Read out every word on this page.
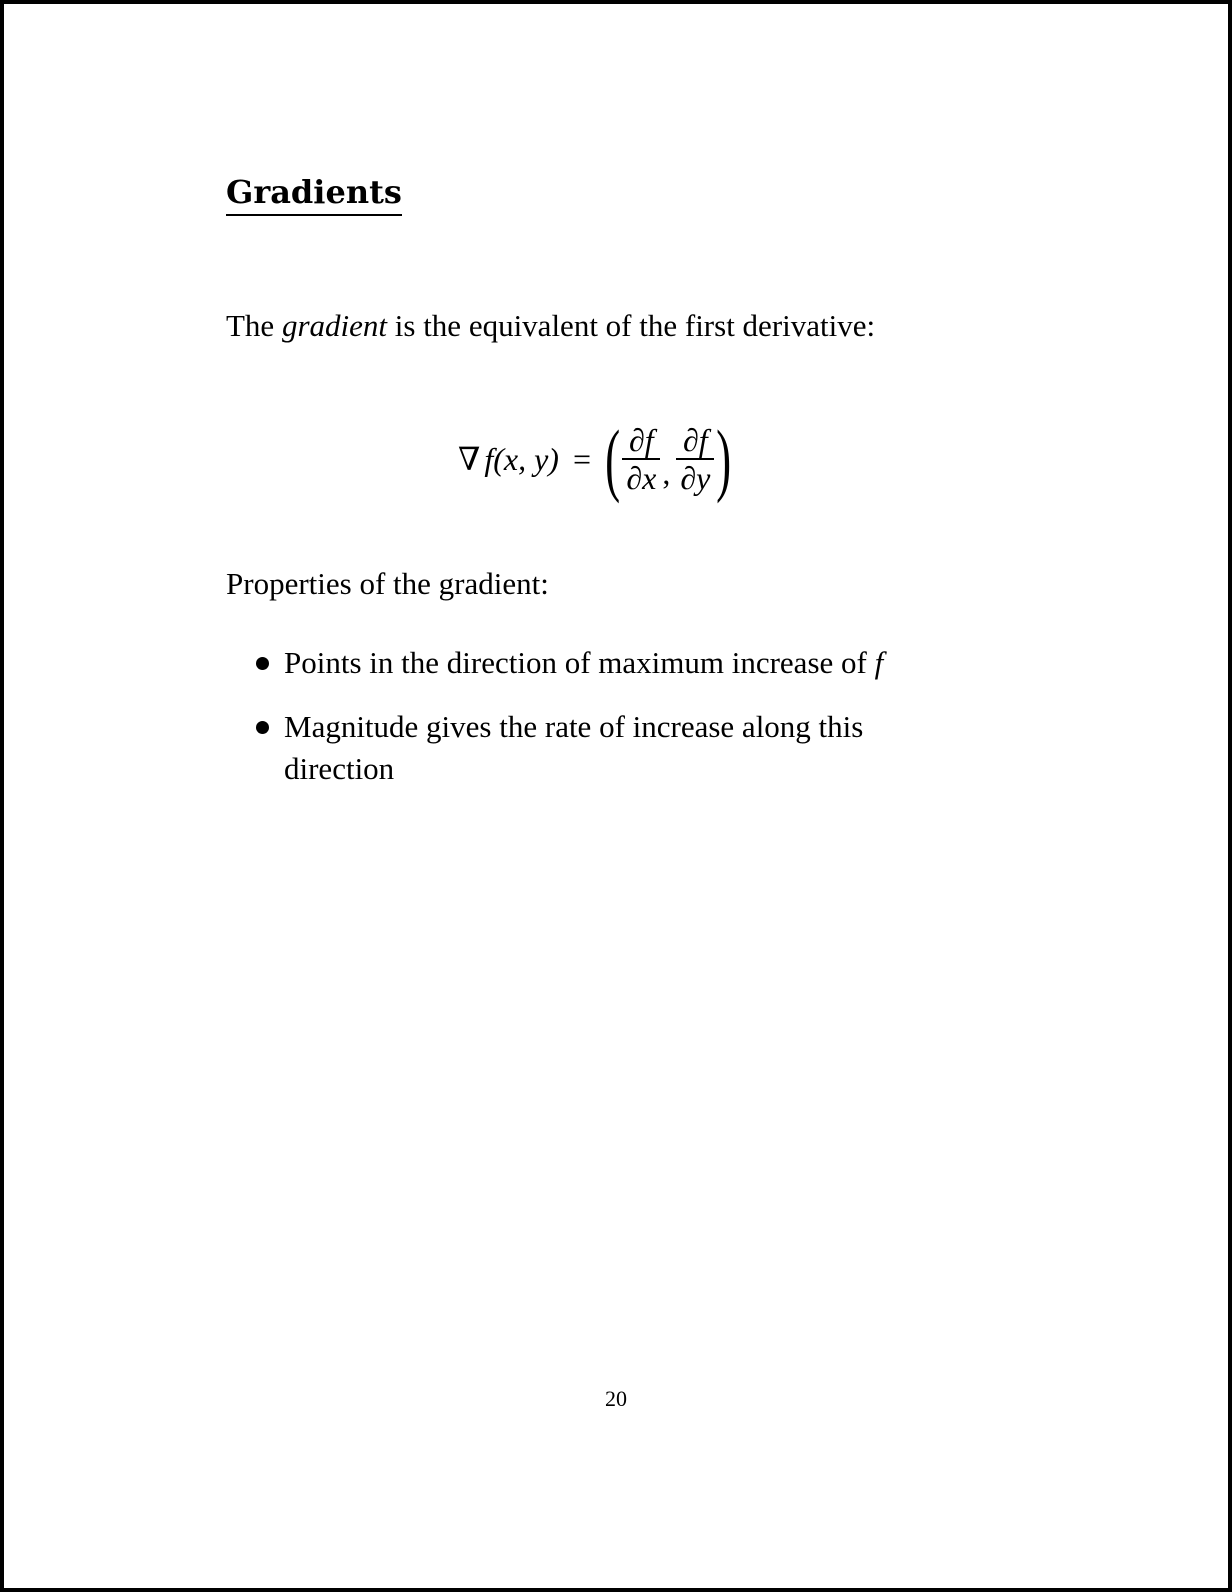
Gradients

The gradient is the equivalent of the first derivative:

∇ f (x, y) = ( $\frac{\partial f}{\partial x}$ , $\frac{\partial f}{\partial y}$ )

Properties of the gradient:

Points in the direction of maximum increase of f
Magnitude gives the rate of increase along this direction
20
